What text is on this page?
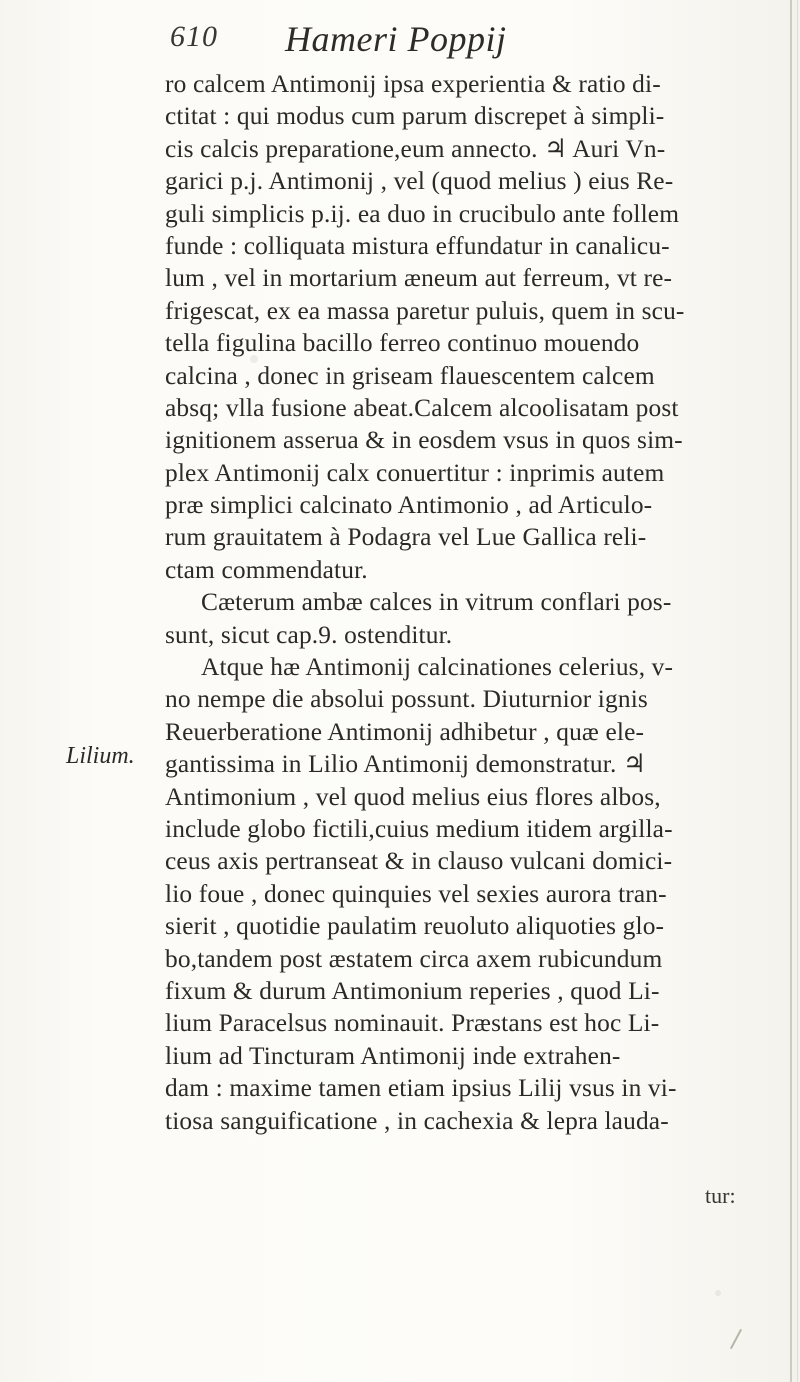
610 Hameri Poppij
Lilium.
ro calcem Antimonij ipsa experientia & ratio di-
ctitat : qui modus cum parum discrepet à simpli-
cis calcis preparatione,eum annecto. ♃ Auri Vn-
garici p.j. Antimonij , vel (quod melius ) eius Re-
guli simplicis p.ij. ea duo in crucibulo ante follem
funde : colliquata mistura effundatur in canalicu-
lum , vel in mortarium æneum aut ferreum, vt re-
frigescat, ex ea massa paretur puluis, quem in scu-
tella figulina bacillo ferreo continuo mouendo
calcina , donec in griseam flauescentem calcem
absq; vlla fusione abeat.Calcem alcoolisatam post
ignitionem asserua & in eosdem vsus in quos sim-
plex Antimonij calx conuertitur : inprimis autem
præ simplici calcinato Antimonio , ad Articulo-
rum grauitatem à Podagra vel Lue Gallica reli-
ctam commendatur.
Cæterum ambæ calces in vitrum conflari pos-
sunt, sicut cap.9. ostenditur.
Atque hæ Antimonij calcinationes celerius, v-
no nempe die absolui possunt. Diuturnior ignis
Reuerberatione Antimonij adhibetur , quæ ele-
gantissima in Lilio Antimonij demonstratur. ♃
Antimonium , vel quod melius eius flores albos,
include globo fictili,cuius medium itidem argilla-
ceus axis pertranseat & in clauso vulcani domici-
lio foue , donec quinquies vel sexies aurora tran-
sierit , quotidie paulatim reuoluto aliquoties glo-
bo,tandem post æstatem circa axem rubicundum
fixum & durum Antimonium reperies , quod Li-
lium Paracelsus nominauit. Præstans est hoc Li-
lium ad Tincturam Antimonij inde extrahen-
dam : maxime tamen etiam ipsius Lilij vsus in vi-
tiosa sanguificatione , in cachexia & lepra lauda-
tur:
